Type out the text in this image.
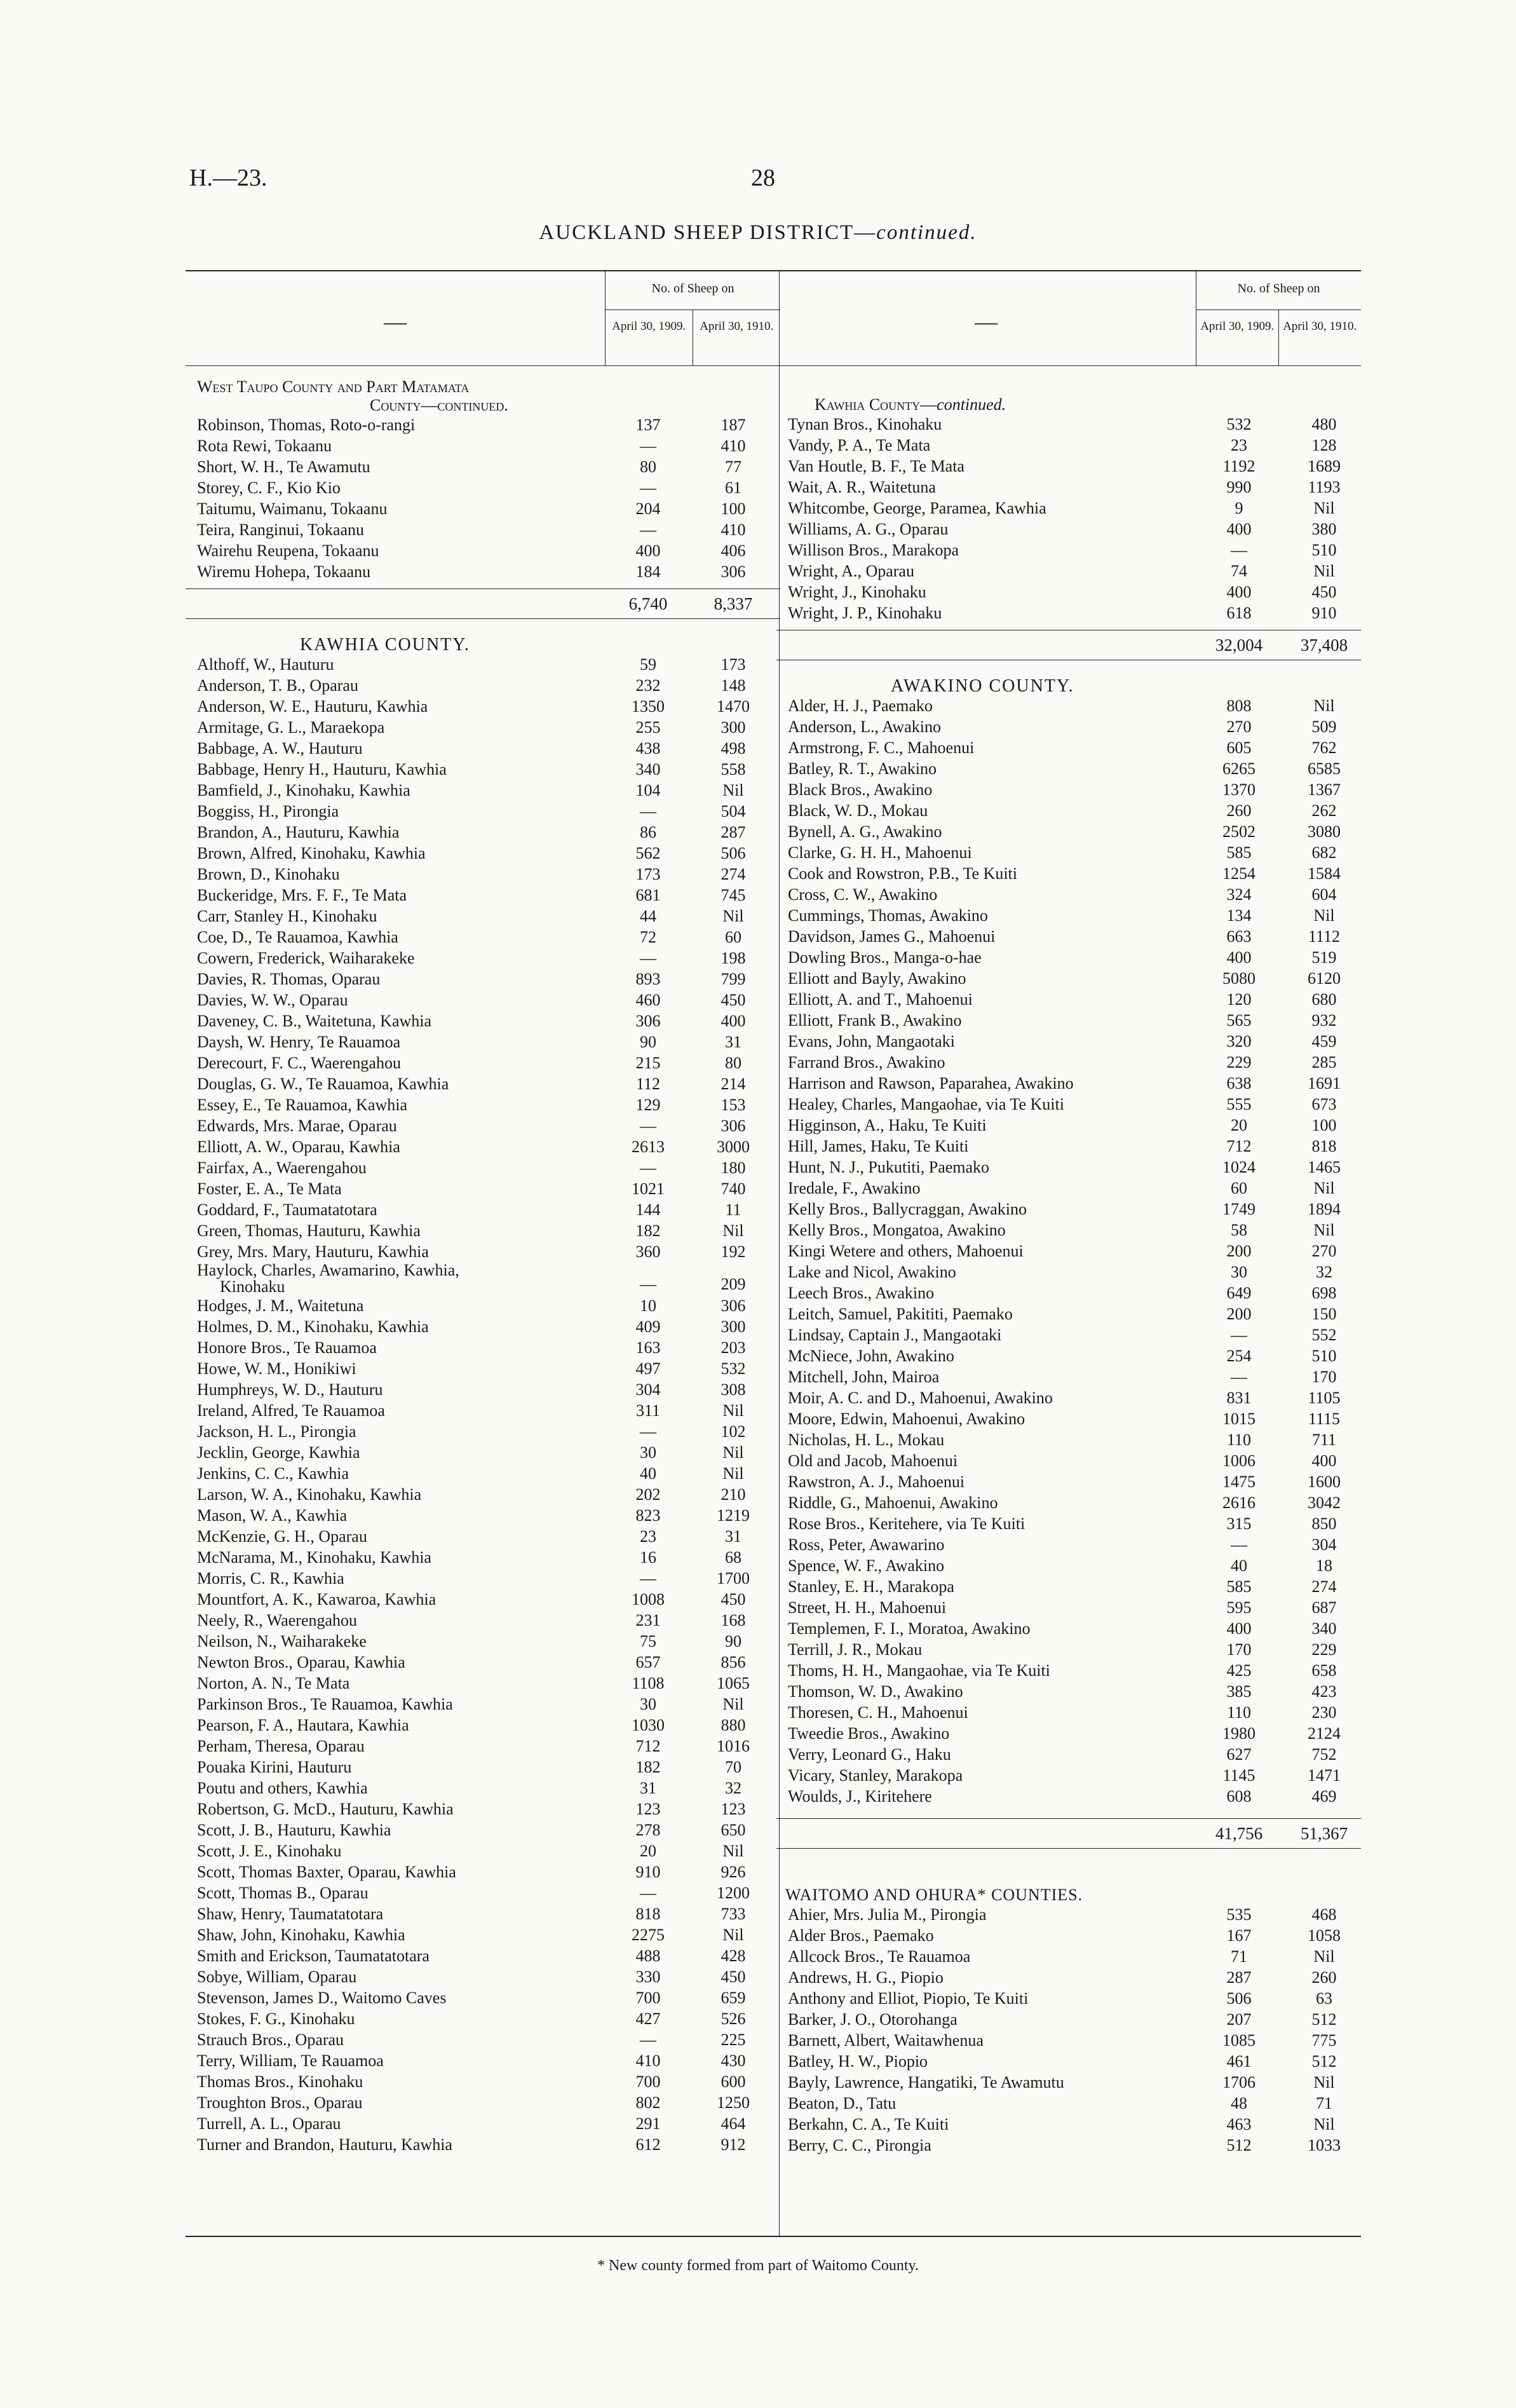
H.—23.	28
AUCKLAND SHEEP DISTRICT—continued.
—
No. of Sheep on
April 30, 1909.	April 30, 1910.
West Taupo County and Part Matamata
County—continued.
Robinson, Thomas, Roto-o-rangi	137	187
Rota Rewi, Tokaanu	—	410
Short, W. H., Te Awamutu	80	77
Storey, C. F., Kio Kio	—	61
Taitumu, Waimanu, Tokaanu	204	100
Teira, Ranginui, Tokaanu	—	410
Wairehu Reupena, Tokaanu	400	406
Wiremu Hohepa, Tokaanu	184	306
6,740	8,337
KAWHIA COUNTY.
Althoff, W., Hauturu	59	173
Anderson, T. B., Oparau	232	148
Anderson, W. E., Hauturu, Kawhia	1350	1470
Armitage, G. L., Maraekopa	255	300
Babbage, A. W., Hauturu	438	498
Babbage, Henry H., Hauturu, Kawhia	340	558
Bamfield, J., Kinohaku, Kawhia	104	Nil
Boggiss, H., Pirongia	—	504
Brandon, A., Hauturu, Kawhia	86	287
Brown, Alfred, Kinohaku, Kawhia	562	506
Brown, D., Kinohaku	173	274
Buckeridge, Mrs. F. F., Te Mata	681	745
Carr, Stanley H., Kinohaku	44	Nil
Coe, D., Te Rauamoa, Kawhia	72	60
Cowern, Frederick, Waiharakeke	—	198
Davies, R. Thomas, Oparau	893	799
Davies, W. W., Oparau	460	450
Daveney, C. B., Waitetuna, Kawhia	306	400
Daysh, W. Henry, Te Rauamoa	90	31
Derecourt, F. C., Waerengahou	215	80
Douglas, G. W., Te Rauamoa, Kawhia	112	214
Essey, E., Te Rauamoa, Kawhia	129	153
Edwards, Mrs. Marae, Oparau	—	306
Elliott, A. W., Oparau, Kawhia	2613	3000
Fairfax, A., Waerengahou	—	180
Foster, E. A., Te Mata	1021	740
Goddard, F., Taumatatotara	144	11
Green, Thomas, Hauturu, Kawhia	182	Nil
Grey, Mrs. Mary, Hauturu, Kawhia	360	192
Haylock, Charles, Awamarino, Kawhia,
Kinohaku	—	209
Hodges, J. M., Waitetuna	10	306
Holmes, D. M., Kinohaku, Kawhia	409	300
Honore Bros., Te Rauamoa	163	203
Howe, W. M., Honikiwi	497	532
Humphreys, W. D., Hauturu	304	308
Ireland, Alfred, Te Rauamoa	311	Nil
Jackson, H. L., Pirongia	—	102
Jecklin, George, Kawhia	30	Nil
Jenkins, C. C., Kawhia	40	Nil
Larson, W. A., Kinohaku, Kawhia	202	210
Mason, W. A., Kawhia	823	1219
McKenzie, G. H., Oparau	23	31
McNarama, M., Kinohaku, Kawhia	16	68
Morris, C. R., Kawhia	—	1700
Mountfort, A. K., Kawaroa, Kawhia	1008	450
Neely, R., Waerengahou	231	168
Neilson, N., Waiharakeke	75	90
Newton Bros., Oparau, Kawhia	657	856
Norton, A. N., Te Mata	1108	1065
Parkinson Bros., Te Rauamoa, Kawhia	30	Nil
Pearson, F. A., Hautara, Kawhia	1030	880
Perham, Theresa, Oparau	712	1016
Pouaka Kirini, Hauturu	182	70
Poutu and others, Kawhia	31	32
Robertson, G. McD., Hauturu, Kawhia	123	123
Scott, J. B., Hauturu, Kawhia	278	650
Scott, J. E., Kinohaku	20	Nil
Scott, Thomas Baxter, Oparau, Kawhia	910	926
Scott, Thomas B., Oparau	—	1200
Shaw, Henry, Taumatatotara	818	733
Shaw, John, Kinohaku, Kawhia	2275	Nil
Smith and Erickson, Taumatatotara	488	428
Sobye, William, Oparau	330	450
Stevenson, James D., Waitomo Caves	700	659
Stokes, F. G., Kinohaku	427	526
Strauch Bros., Oparau	—	225
Terry, William, Te Rauamoa	410	430
Thomas Bros., Kinohaku	700	600
Troughton Bros., Oparau	802	1250
Turrell, A. L., Oparau	291	464
Turner and Brandon, Hauturu, Kawhia	612	912
—
No. of Sheep on
April 30, 1909. April 30, 1910.
Kawhia County—continued.
Tynan Bros., Kinohaku	532	480
Vandy, P. A., Te Mata	23	128
Van Houtle, B. F., Te Mata	1192	1689
Wait, A. R., Waitetuna	990	1193
Whitcombe, George, Paramea, Kawhia	9	Nil
Williams, A. G., Oparau	400	380
Willison Bros., Marakopa	—	510
Wright, A., Oparau	74	Nil
Wright, J., Kinohaku	400	450
Wright, J. P., Kinohaku	618	910
32,004	37,408
AWAKINO COUNTY.
Alder, H. J., Paemako	808	Nil
Anderson, L., Awakino	270	509
Armstrong, F. C., Mahoenui	605	762
Batley, R. T., Awakino	6265	6585
Black Bros., Awakino	1370	1367
Black, W. D., Mokau	260	262
Bynell, A. G., Awakino	2502	3080
Clarke, G. H. H., Mahoenui	585	682
Cook and Rowstron, P.B., Te Kuiti	1254	1584
Cross, C. W., Awakino	324	604
Cummings, Thomas, Awakino	134	Nil
Davidson, James G., Mahoenui	663	1112
Dowling Bros., Manga-o-hae	400	519
Elliott and Bayly, Awakino	5080	6120
Elliott, A. and T., Mahoenui	120	680
Elliott, Frank B., Awakino	565	932
Evans, John, Mangaotaki	320	459
Farrand Bros., Awakino	229	285
Harrison and Rawson, Paparahea, Awakino	638	1691
Healey, Charles, Mangaohae, via Te Kuiti	555	673
Higginson, A., Haku, Te Kuiti	20	100
Hill, James, Haku, Te Kuiti	712	818
Hunt, N. J., Pukutiti, Paemako	1024	1465
Iredale, F., Awakino	60	Nil
Kelly Bros., Ballycraggan, Awakino	1749	1894
Kelly Bros., Mongatoa, Awakino	58	Nil
Kingi Wetere and others, Mahoenui	200	270
Lake and Nicol, Awakino	30	32
Leech Bros., Awakino	649	698
Leitch, Samuel, Pakititi, Paemako	200	150
Lindsay, Captain J., Mangaotaki	—	552
McNiece, John, Awakino	254	510
Mitchell, John, Mairoa	—	170
Moir, A. C. and D., Mahoenui, Awakino	831	1105
Moore, Edwin, Mahoenui, Awakino	1015	1115
Nicholas, H. L., Mokau	110	711
Old and Jacob, Mahoenui	1006	400
Rawstron, A. J., Mahoenui	1475	1600
Riddle, G., Mahoenui, Awakino	2616	3042
Rose Bros., Keritehere, via Te Kuiti	315	850
Ross, Peter, Awawarino	—	304
Spence, W. F., Awakino	40	18
Stanley, E. H., Marakopa	585	274
Street, H. H., Mahoenui	595	687
Templemen, F. I., Moratoa, Awakino	400	340
Terrill, J. R., Mokau	170	229
Thoms, H. H., Mangaohae, via Te Kuiti	425	658
Thomson, W. D., Awakino	385	423
Thoresen, C. H., Mahoenui	110	230
Tweedie Bros., Awakino	1980	2124
Verry, Leonard G., Haku	627	752
Vicary, Stanley, Marakopa	1145	1471
Woulds, J., Kiritehere	608	469
41,756	51,367
WAITOMO AND OHURA* COUNTIES.
Ahier, Mrs. Julia M., Pirongia	535	468
Alder Bros., Paemako	167	1058
Allcock Bros., Te Rauamoa	71	Nil
Andrews, H. G., Piopio	287	260
Anthony and Elliot, Piopio, Te Kuiti	506	63
Barker, J. O., Otorohanga	207	512
Barnett, Albert, Waitawhenua	1085	775
Batley, H. W., Piopio	461	512
Bayly, Lawrence, Hangatiki, Te Awamutu	1706	Nil
Beaton, D., Tatu	48	71
Berkahn, C. A., Te Kuiti	463	Nil
Berry, C. C., Pirongia	512	1033
* New county formed from part of Waitomo County.
